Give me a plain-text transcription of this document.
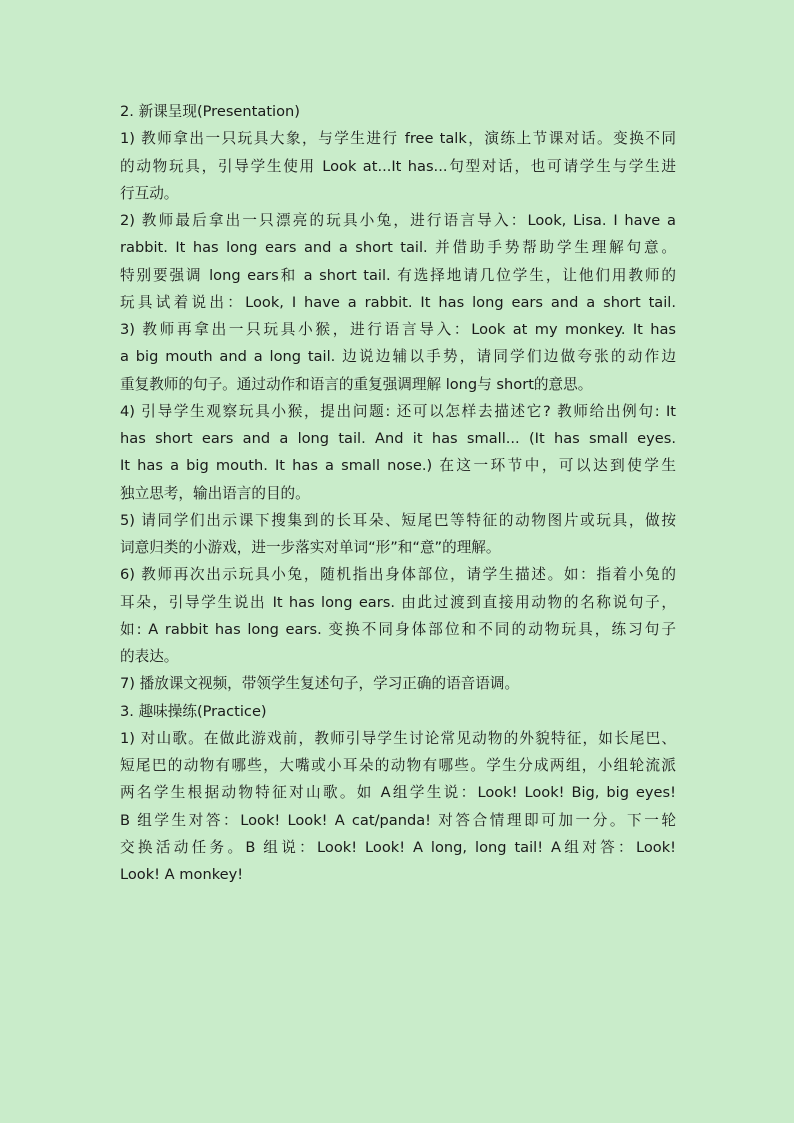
2. 新课呈现(Presentation)
1) 教师拿出一只玩具大象，与学生进行 free talk，演练上节课对话。变换不同
的动物玩具，引导学生使用 Look at...It has...句型对话，也可请学生与学生进
行互动。
2) 教师最后拿出一只漂亮的玩具小兔，进行语言导入：Look, Lisa. I have a
rabbit. It has long ears and a short tail. 并借助手势帮助学生理解句意。
特别要强调 long ears和 a short tail. 有选择地请几位学生，让他们用教师的
玩具试着说出：Look, I have a rabbit. It has long ears and a short tail.
3) 教师再拿出一只玩具小猴，进行语言导入：Look at my monkey. It has
a big mouth and a long tail. 边说边辅以手势，请同学们边做夸张的动作边
重复教师的句子。通过动作和语言的重复强调理解 long与 short的意思。
4) 引导学生观察玩具小猴，提出问题: 还可以怎样去描述它? 教师给出例句: It
has short ears and a long tail. And it has small... (It has small eyes.
It has a big mouth. It has a small nose.) 在这一环节中，可以达到使学生
独立思考，输出语言的目的。
5) 请同学们出示课下搜集到的长耳朵、短尾巴等特征的动物图片或玩具，做按
词意归类的小游戏，进一步落实对单词“形”和“意”的理解。
6) 教师再次出示玩具小兔，随机指出身体部位，请学生描述。如：指着小兔的
耳朵，引导学生说出 It has long ears. 由此过渡到直接用动物的名称说句子，
如: A rabbit has long ears. 变换不同身体部位和不同的动物玩具，练习句子
的表达。
7) 播放课文视频，带领学生复述句子，学习正确的语音语调。
3. 趣味操练(Practice)
1) 对山歌。在做此游戏前，教师引导学生讨论常见动物的外貌特征，如长尾巴、
短尾巴的动物有哪些，大嘴或小耳朵的动物有哪些。学生分成两组，小组轮流派
两名学生根据动物特征对山歌。如 A组学生说：Look! Look! Big, big eyes!
B 组学生对答：Look! Look! A cat/panda! 对答合情理即可加一分。下一轮
交换活动任务。B 组说：Look! Look! A long, long tail! A组对答：Look!
Look! A monkey!
